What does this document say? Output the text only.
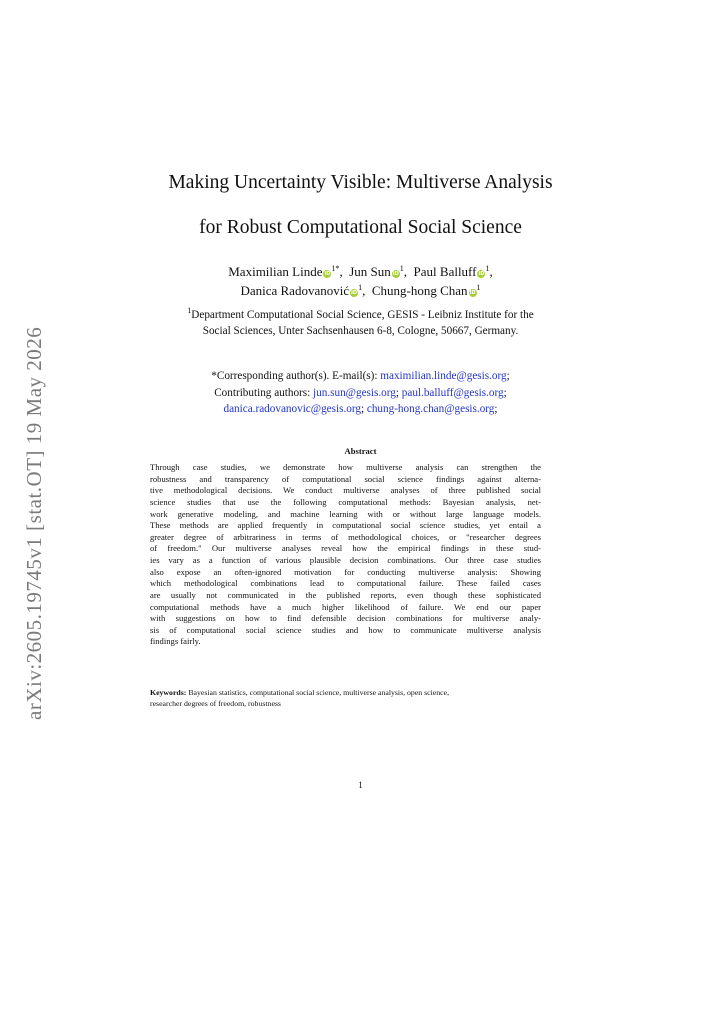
arXiv:2605.19745v1 [stat.OT] 19 May 2026
Making Uncertainty Visible: Multiverse Analysis
for Robust Computational Social Science
Maximilian Linde $iD^{1*}$, Jun Sun $iD^1$, Paul Balluff $iD^1$,
Danica Radovanović $iD^1$, Chung-hong Chan $iD^1$
$^1$Department Computational Social Science, GESIS - Leibniz Institute for the
Social Sciences, Unter Sachsenhausen 6-8, Cologne, 50667, Germany.
*Corresponding author(s). E-mail(s): maximilian.linde@gesis.org;
Contributing authors: jun.sun@gesis.org; paul.balluff@gesis.org;
danica.radovanovic@gesis.org; chung-hong.chan@gesis.org;
Abstract
Through case studies, we demonstrate how multiverse analysis can strengthen the
robustness and transparency of computational social science findings against alterna-
tive methodological decisions. We conduct multiverse analyses of three published social
science studies that use the following computational methods: Bayesian analysis, net-
work generative modeling, and machine learning with or without large language models.
These methods are applied frequently in computational social science studies, yet entail a
greater degree of arbitrariness in terms of methodological choices, or "researcher degrees
of freedom." Our multiverse analyses reveal how the empirical findings in these stud-
ies vary as a function of various plausible decision combinations. Our three case studies
also expose an often-ignored motivation for conducting multiverse analysis: Showing
which methodological combinations lead to computational failure. These failed cases
are usually not communicated in the published reports, even though these sophisticated
computational methods have a much higher likelihood of failure. We end our paper
with suggestions on how to find defensible decision combinations for multiverse analy-
sis of computational social science studies and how to communicate multiverse analysis
findings fairly.
Keywords: Bayesian statistics, computational social science, multiverse analysis, open science,
researcher degrees of freedom, robustness
1
